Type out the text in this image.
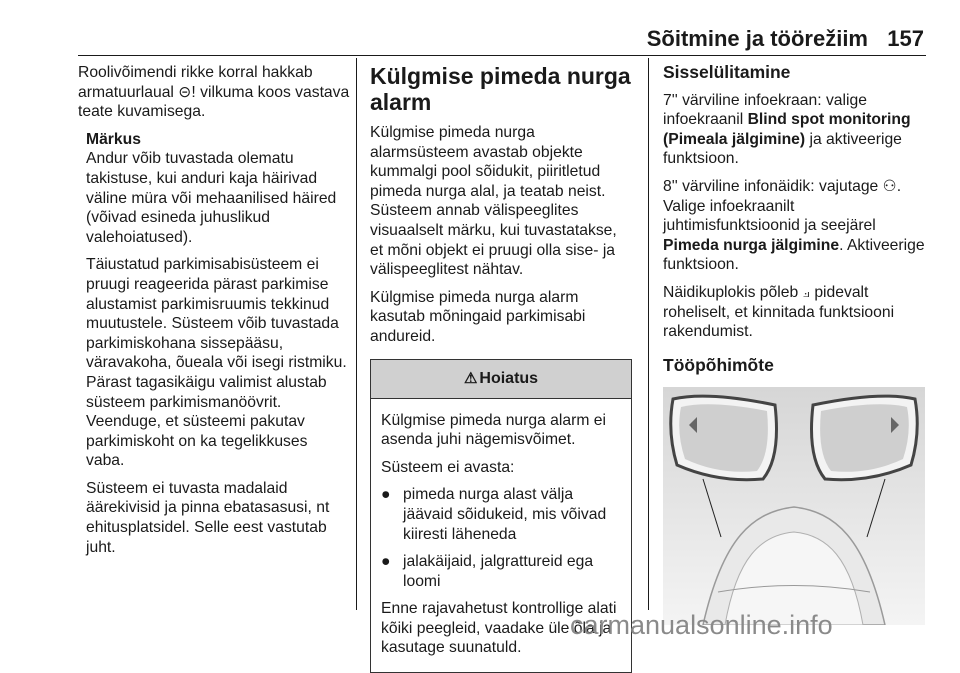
Sõitmine ja töörežiim 157

Roolivõimendi rikke korral hakkab armatuurlaual ⊝! vilkuma koos vastava teate kuvamisega.

Märkus

Andur võib tuvastada olematu takistuse, kui anduri kaja häirivad väline müra või mehaanilised häired (võivad esineda juhuslikud valehoiatused).

Täiustatud parkimisabisüsteem ei pruugi reageerida pärast parkimise alustamist parkimisruumis tekkinud muutustele. Süsteem võib tuvastada parkimiskohana sissepääsu, väravakoha, õueala või isegi ristmiku. Pärast tagasikäigu valimist alustab süsteem parkimismanöövrit. Veenduge, et süsteemi pakutav parkimiskoht on ka tegelikkuses vaba.

Süsteem ei tuvasta madalaid äärekivisid ja pinna ebatasasusi, nt ehitusplatsidel. Selle eest vastutab juht.

Külgmise pimeda nurga alarm

Külgmise pimeda nurga alarmsüsteem avastab objekte kummalgi pool sõidukit, piiritletud pimeda nurga alal, ja teatab neist. Süsteem annab välispeeglites visuaalselt märku, kui tuvastatakse, et mõni objekt ei pruugi olla sise- ja välispeeglitest nähtav.

Külgmise pimeda nurga alarm kasutab mõningaid parkimisabi andureid.

⚠ Hoiatus

Külgmise pimeda nurga alarm ei asenda juhi nägemisvõimet.

Süsteem ei avasta:

● pimeda nurga alast välja jäävaid sõidukeid, mis võivad kiiresti läheneda
● jalakäijaid, jalgrattureid ega loomi

Enne rajavahetust kontrollige alati kõiki peegleid, vaadake üle õla ja kasutage suunatuld.

Sisselülitamine

7'' värviline infoekraan: valige infoekraanil Blind spot monitoring (Pimeala jälgimine) ja aktiveerige funktsioon.

8'' värviline infonäidik: vajutage ⚇. Valige infoekraanilt juhtimisfunktsioonid ja seejärel Pimeda nurga jälgimine. Aktiveerige funktsioon.

Näidikuplokis põleb ⟓ pidevalt roheliselt, et kinnitada funktsiooni rakendumist.

Tööpõhimõte
carmanualsonline.info
